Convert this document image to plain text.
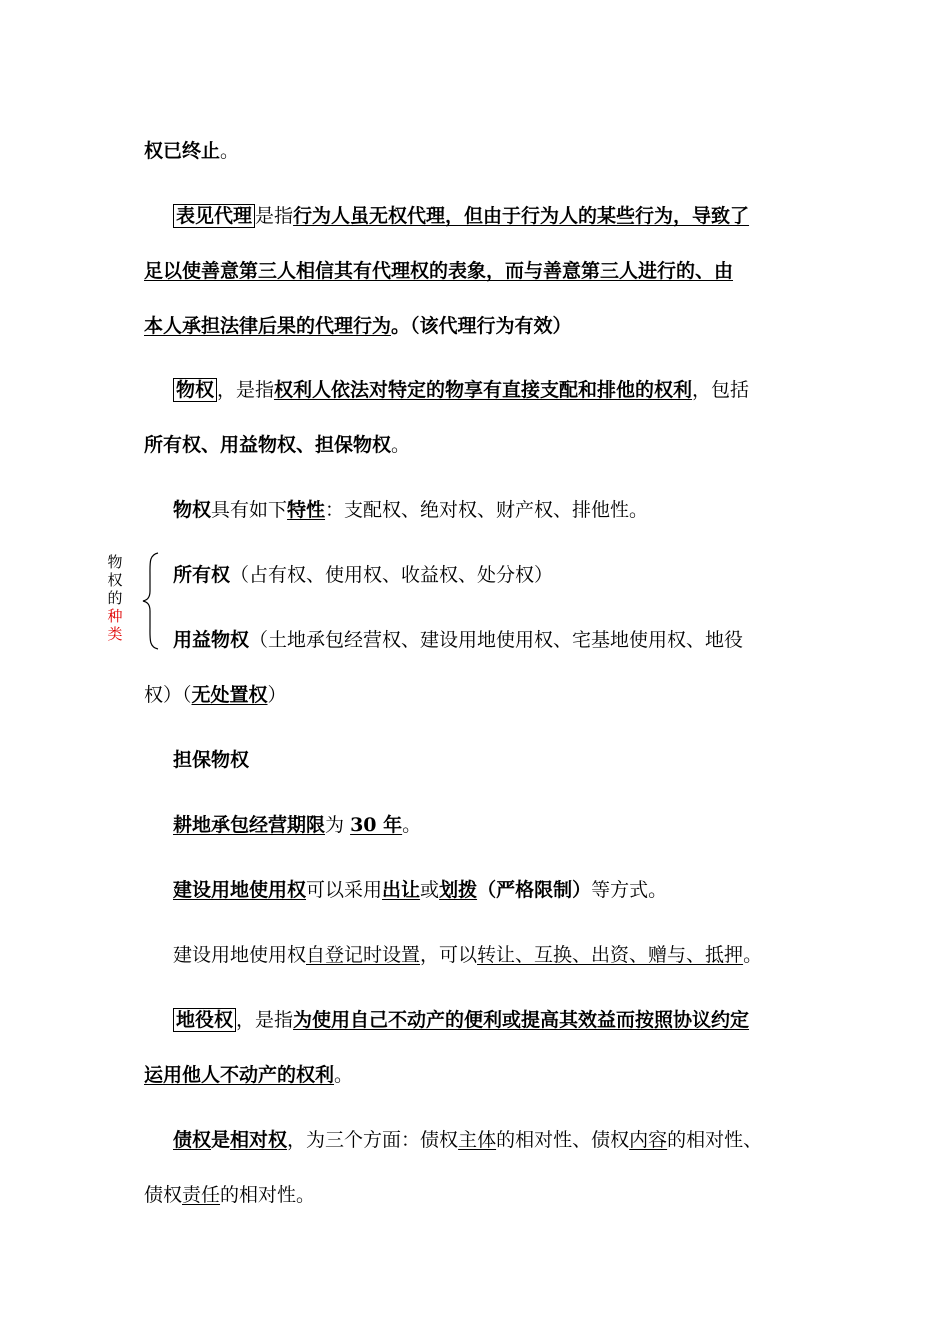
权已终止。
表见代理 是指行为人虽无权代理，但由于行为人的某些行为，导致了
足以使善意第三人相信其有代理权的表象，而与善意第三人进行的、由
本人承担法律后果的代理行为。（该代理行为有效）
物权 ，是指权利人依法对特定的物享有直接支配和排他的权利，包括
所有权、用益物权、担保物权。
物权具有如下特性：支配权、绝对权、财产权、排他性。
物
权
的
种
类
所有权（占有权、使用权、收益权、处分权）
用益物权（土地承包经营权、建设用地使用权、宅基地使用权、地役
权）（无处置权）
担保物权
耕地承包经营期限为 30 年。
建设用地使用权可以采用出让或划拨（严格限制）等方式。
建设用地使用权自登记时设置，可以转让、互换、出资、赠与、抵押。
地役权 ，是指为使用自己不动产的便利或提高其效益而按照协议约定
运用他人不动产的权利。
债权是相对权，为三个方面：债权主体的相对性、债权内容的相对性、
债权责任的相对性。
